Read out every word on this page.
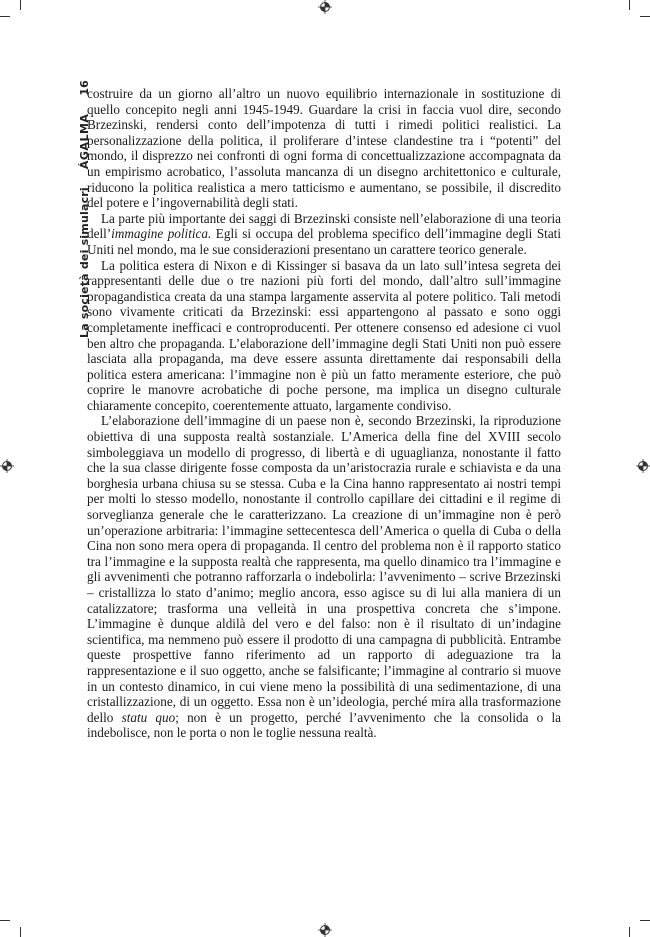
La società dei simulacri
ÁGALMA
16

costruire da un giorno all’altro un nuovo equilibrio internazionale in sostituzione di quello concepito negli anni 1945-1949. Guardare la crisi in faccia vuol dire, secondo Brzezinski, rendersi conto dell’impotenza di tutti i rimedi politici realistici. La personalizzazione della politica, il proliferare d’intese clandestine tra i “potenti” del mondo, il disprezzo nei confronti di ogni forma di concettualizzazione accompagnata da un empirismo acrobatico, l’assoluta mancanza di un disegno architettonico e culturale, riducono la politica realistica a mero tatticismo e aumentano, se possibile, il discredito del potere e l’ingovernabilità degli stati.

La parte più importante dei saggi di Brzezinski consiste nell’elaborazione di una teoria dell’immagine politica. Egli si occupa del problema specifico dell’immagine degli Stati Uniti nel mondo, ma le sue considerazioni presentano un carattere teorico generale.

La politica estera di Nixon e di Kissinger si basava da un lato sull’intesa segreta dei rappresentanti delle due o tre nazioni più forti del mondo, dall’altro sull’immagine propagandistica creata da una stampa largamente asservita al potere politico. Tali metodi sono vivamente criticati da Brzezinski: essi appartengono al passato e sono oggi completamente inefficaci e controproducenti. Per ottenere consenso ed adesione ci vuol ben altro che propaganda. L’elaborazione dell’immagine degli Stati Uniti non può essere lasciata alla propaganda, ma deve essere assunta direttamente dai responsabili della politica estera americana: l’immagine non è più un fatto meramente esteriore, che può coprire le manovre acrobatiche di poche persone, ma implica un disegno culturale chiaramente concepito, coerentemente attuato, largamente condiviso.

L’elaborazione dell’immagine di un paese non è, secondo Brzezinski, la riproduzione obiettiva di una supposta realtà sostanziale. L’America della fine del XVIII secolo simboleggiava un modello di progresso, di libertà e di uguaglianza, nonostante il fatto che la sua classe dirigente fosse composta da un’aristocrazia rurale e schiavista e da una borghesia urbana chiusa su se stessa. Cuba e la Cina hanno rappresentato ai nostri tempi per molti lo stesso modello, nonostante il controllo capillare dei cittadini e il regime di sorveglianza generale che le caratterizzano. La creazione di un’immagine non è però un’operazione arbitraria: l’immagine settecentesca dell’America o quella di Cuba o della Cina non sono mera opera di propaganda. Il centro del problema non è il rapporto statico tra l’immagine e la supposta realtà che rappresenta, ma quello dinamico tra l’immagine e gli avvenimenti che potranno rafforzarla o indebolirla: l’avvenimento – scrive Brzezinski – cristallizza lo stato d’animo; meglio ancora, esso agisce su di lui alla maniera di un catalizzatore; trasforma una velleità in una prospettiva concreta che s’impone. L’immagine è dunque aldilà del vero e del falso: non è il risultato di un’indagine scientifica, ma nemmeno può essere il prodotto di una campagna di pubblicità. Entrambe queste prospettive fanno riferimento ad un rapporto di adeguazione tra la rappresentazione e il suo oggetto, anche se falsificante; l’immagine al contrario si muove in un contesto dinamico, in cui viene meno la possibilità di una sedimentazione, di una cristallizzazione, di un oggetto. Essa non è un’ideologia, perché mira alla trasformazione dello statu quo; non è un progetto, perché l’avvenimento che la consolida o la indebolisce, non le porta o non le toglie nessuna realtà.
